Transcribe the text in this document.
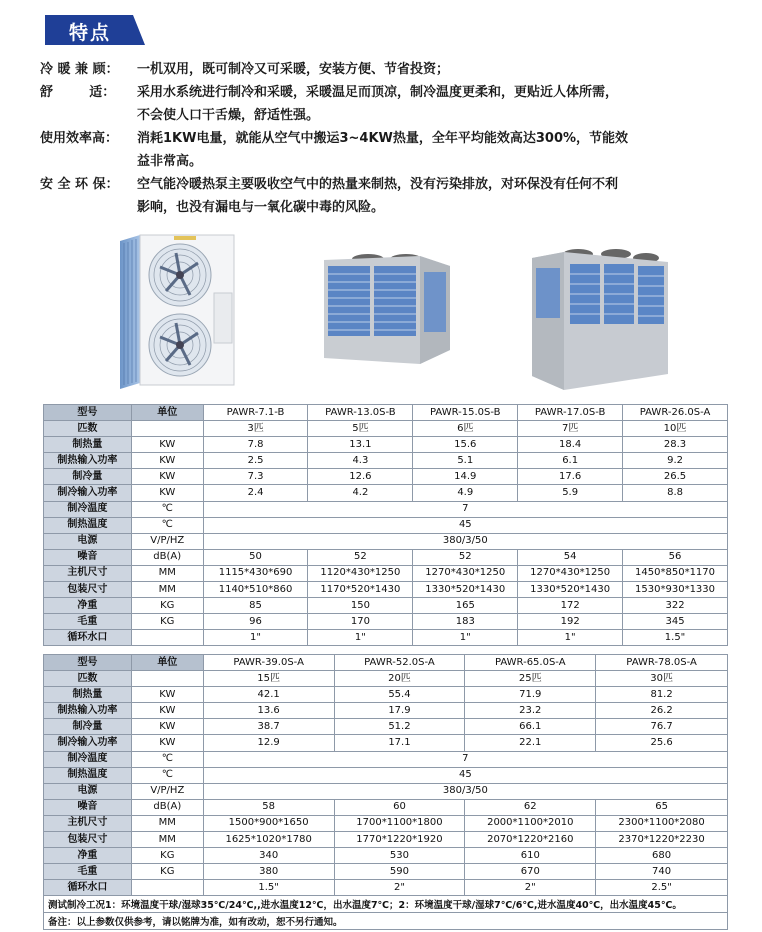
特点
冷 暖 兼 顾：	一机双用，既可制冷又可采暖，安装方便、节省投资；
舒        适：	采用水系统进行制冷和采暖，采暖温足而顶凉，制冷温度更柔和，更贴近人体所需，
不会使人口干舌燥，舒适性强。
使用效率高：	消耗1KW电量，就能从空气中搬运3~4KW热量，全年平均能效高达300%，节能效
益非常高。
安 全 环 保：	空气能冷暖热泵主要吸收空气中的热量来制热，没有污染排放，对环保没有任何不利
影响，也没有漏电与一氧化碳中毒的风险。
型号	单位	PAWR-7.1-B	PAWR-13.0S-B	PAWR-15.0S-B	PAWR-17.0S-B	PAWR-26.0S-A
匹数		3匹	5匹	6匹	7匹	10匹
制热量	KW	7.8	13.1	15.6	18.4	28.3
制热输入功率	KW	2.5	4.3	5.1	6.1	9.2
制冷量	KW	7.3	12.6	14.9	17.6	26.5
制冷输入功率	KW	2.4	4.2	4.9	5.9	8.8
制冷温度	℃	7				
制热温度	℃	45				
电源	V/P/HZ	380/3/50				
噪音	dB(A)	50	52	52	54	56
主机尺寸	MM	1115*430*690	1120*430*1250	1270*430*1250	1270*430*1250	1450*850*1170
包装尺寸	MM	1140*510*860	1170*520*1430	1330*520*1430	1330*520*1430	1530*930*1330
净重	KG	85	150	165	172	322
毛重	KG	96	170	183	192	345
循环水口		1"	1"	1"	1"	1.5"
型号	单位	PAWR-39.0S-A	PAWR-52.0S-A	PAWR-65.0S-A	PAWR-78.0S-A
匹数		15匹	20匹	25匹	30匹
制热量	KW	42.1	55.4	71.9	81.2
制热输入功率	KW	13.6	17.9	23.2	26.2
制冷量	KW	38.7	51.2	66.1	76.7
制冷输入功率	KW	12.9	17.1	22.1	25.6
制冷温度	℃	7			
制热温度	℃	45			
电源	V/P/HZ	380/3/50			
噪音	dB(A)	58	60	62	65
主机尺寸	MM	1500*900*1650	1700*1100*1800	2000*1100*2010	2300*1100*2080
包装尺寸	MM	1625*1020*1780	1770*1220*1920	2070*1220*2160	2370*1220*2230
净重	KG	340	530	610	680
毛重	KG	380	590	670	740
循环水口		1.5"	2"	2"	2.5"
测试制冷工况1：环境温度干球/湿球35℃/24℃,,进水温度12℃，出水温度7℃；2：环境温度干球/湿球7℃/6℃,进水温度40℃，出水温度45℃。
备注：以上参数仅供参考，请以铭牌为准，如有改动，恕不另行通知。
